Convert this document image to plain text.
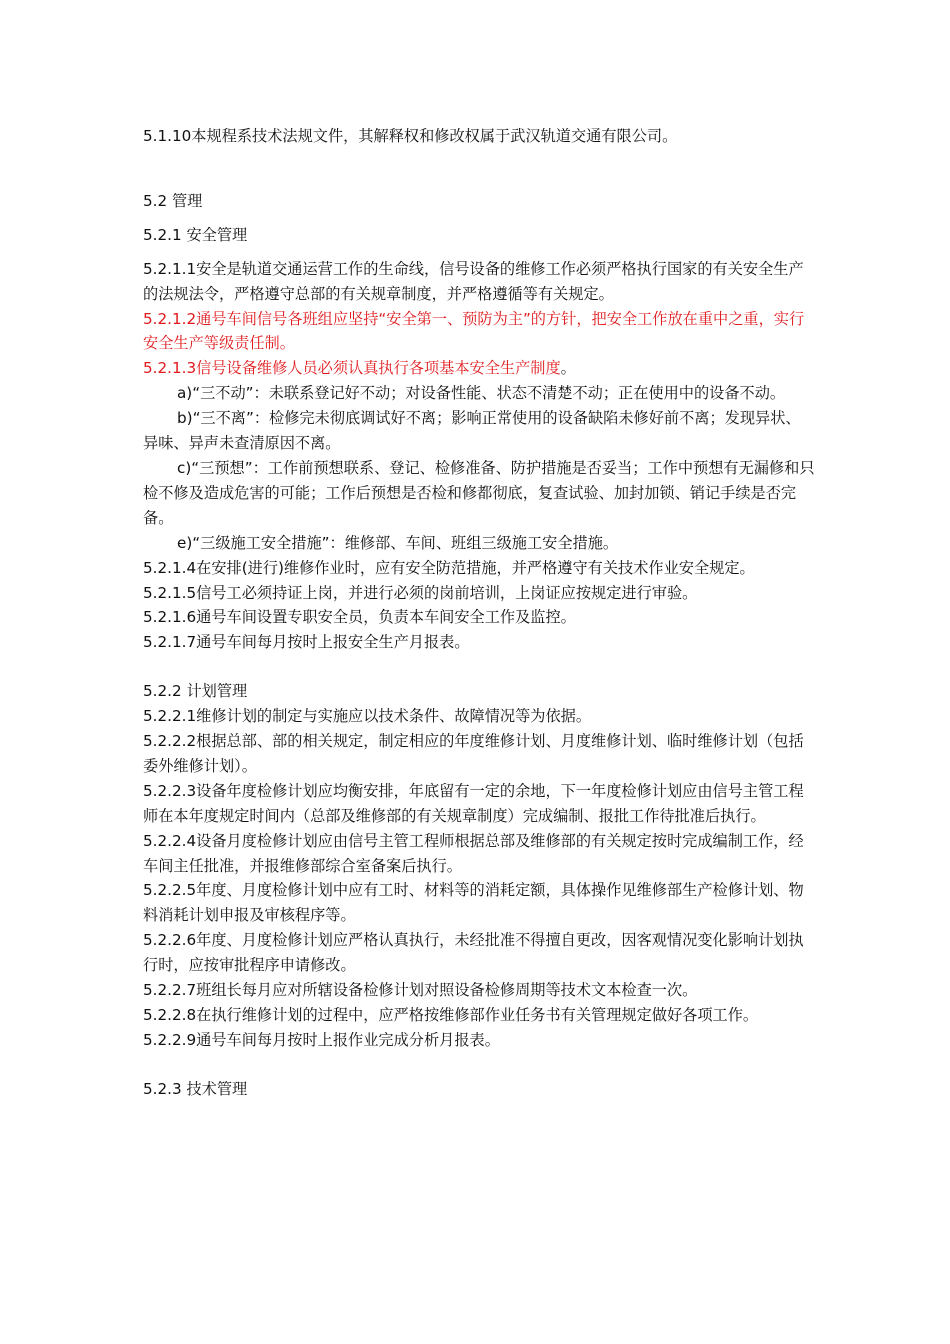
5.1.10本规程系技术法规文件，其解释权和修改权属于武汉轨道交通有限公司。

5.2 管理

5.2.1 安全管理

5.2.1.1安全是轨道交通运营工作的生命线，信号设备的维修工作必须严格执行国家的有关安全生产的法规法令，严格遵守总部的有关规章制度，并严格遵循等有关规定。

5.2.1.2通号车间信号各班组应坚持“安全第一、预防为主”的方针，把安全工作放在重中之重，实行安全生产等级责任制。

5.2.1.3信号设备维修人员必须认真执行各项基本安全生产制度。

a)“三不动”：未联系登记好不动；对设备性能、状态不清楚不动；正在使用中的设备不动。

b)“三不离”：检修完未彻底调试好不离；影响正常使用的设备缺陷未修好前不离；发现异状、异味、异声未查清原因不离。

c)“三预想”：工作前预想联系、登记、检修准备、防护措施是否妥当；工作中预想有无漏修和只检不修及造成危害的可能；工作后预想是否检和修都彻底，复查试验、加封加锁、销记手续是否完备。

e)“三级施工安全措施”：维修部、车间、班组三级施工安全措施。

5.2.1.4在安排(进行)维修作业时，应有安全防范措施，并严格遵守有关技术作业安全规定。

5.2.1.5信号工必须持证上岗，并进行必须的岗前培训，上岗证应按规定进行审验。

5.2.1.6通号车间设置专职安全员，负责本车间安全工作及监控。

5.2.1.7通号车间每月按时上报安全生产月报表。

5.2.2 计划管理

5.2.2.1维修计划的制定与实施应以技术条件、故障情况等为依据。

5.2.2.2根据总部、部的相关规定，制定相应的年度维修计划、月度维修计划、临时维修计划（包括委外维修计划）。

5.2.2.3设备年度检修计划应均衡安排，年底留有一定的余地，下一年度检修计划应由信号主管工程师在本年度规定时间内（总部及维修部的有关规章制度）完成编制、报批工作待批准后执行。

5.2.2.4设备月度检修计划应由信号主管工程师根据总部及维修部的有关规定按时完成编制工作，经车间主任批准，并报维修部综合室备案后执行。

5.2.2.5年度、月度检修计划中应有工时、材料等的消耗定额，具体操作见维修部生产检修计划、物料消耗计划申报及审核程序等。

5.2.2.6年度、月度检修计划应严格认真执行，未经批准不得擅自更改，因客观情况变化影响计划执行时，应按审批程序申请修改。

5.2.2.7班组长每月应对所辖设备检修计划对照设备检修周期等技术文本检查一次。

5.2.2.8在执行维修计划的过程中，应严格按维修部作业任务书有关管理规定做好各项工作。

5.2.2.9通号车间每月按时上报作业完成分析月报表。

5.2.3 技术管理
